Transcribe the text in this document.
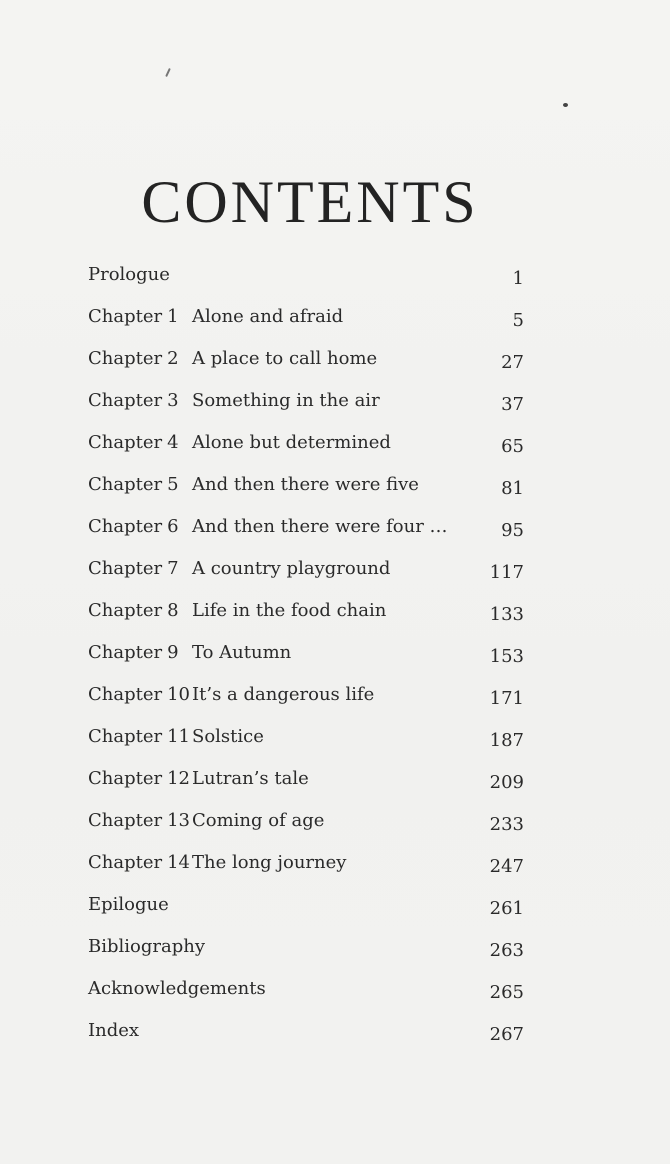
CONTENTS
Prologue	1
Chapter 1 Alone and afraid	5
Chapter 2 A place to call home	27
Chapter 3 Something in the air	37
Chapter 4 Alone but determined	65
Chapter 5 And then there were five	81
Chapter 6 And then there were four …	95
Chapter 7 A country playground	117
Chapter 8 Life in the food chain	133
Chapter 9 To Autumn	153
Chapter 10 It’s a dangerous life	171
Chapter 11 Solstice	187
Chapter 12 Lutran’s tale	209
Chapter 13 Coming of age	233
Chapter 14 The long journey	247
Epilogue	261
Bibliography	263
Acknowledgements	265
Index	267
